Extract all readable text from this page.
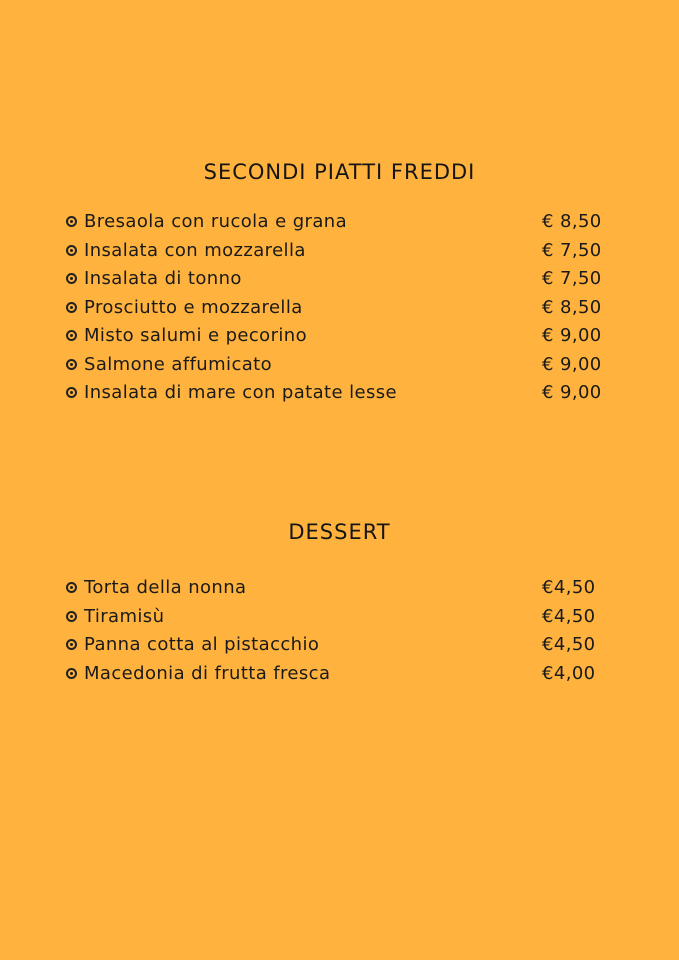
SECONDI PIATTI FREDDI
Bresaola con rucola e grana	€ 8,50
Insalata con mozzarella	€ 7,50
Insalata di tonno	€ 7,50
Prosciutto e mozzarella	€ 8,50
Misto salumi e pecorino	€ 9,00
Salmone affumicato	€ 9,00
Insalata di mare con patate lesse	€ 9,00
DESSERT
Torta della nonna	€4,50
Tiramisù	€4,50
Panna cotta al pistacchio	€4,50
Macedonia di frutta fresca	€4,00
